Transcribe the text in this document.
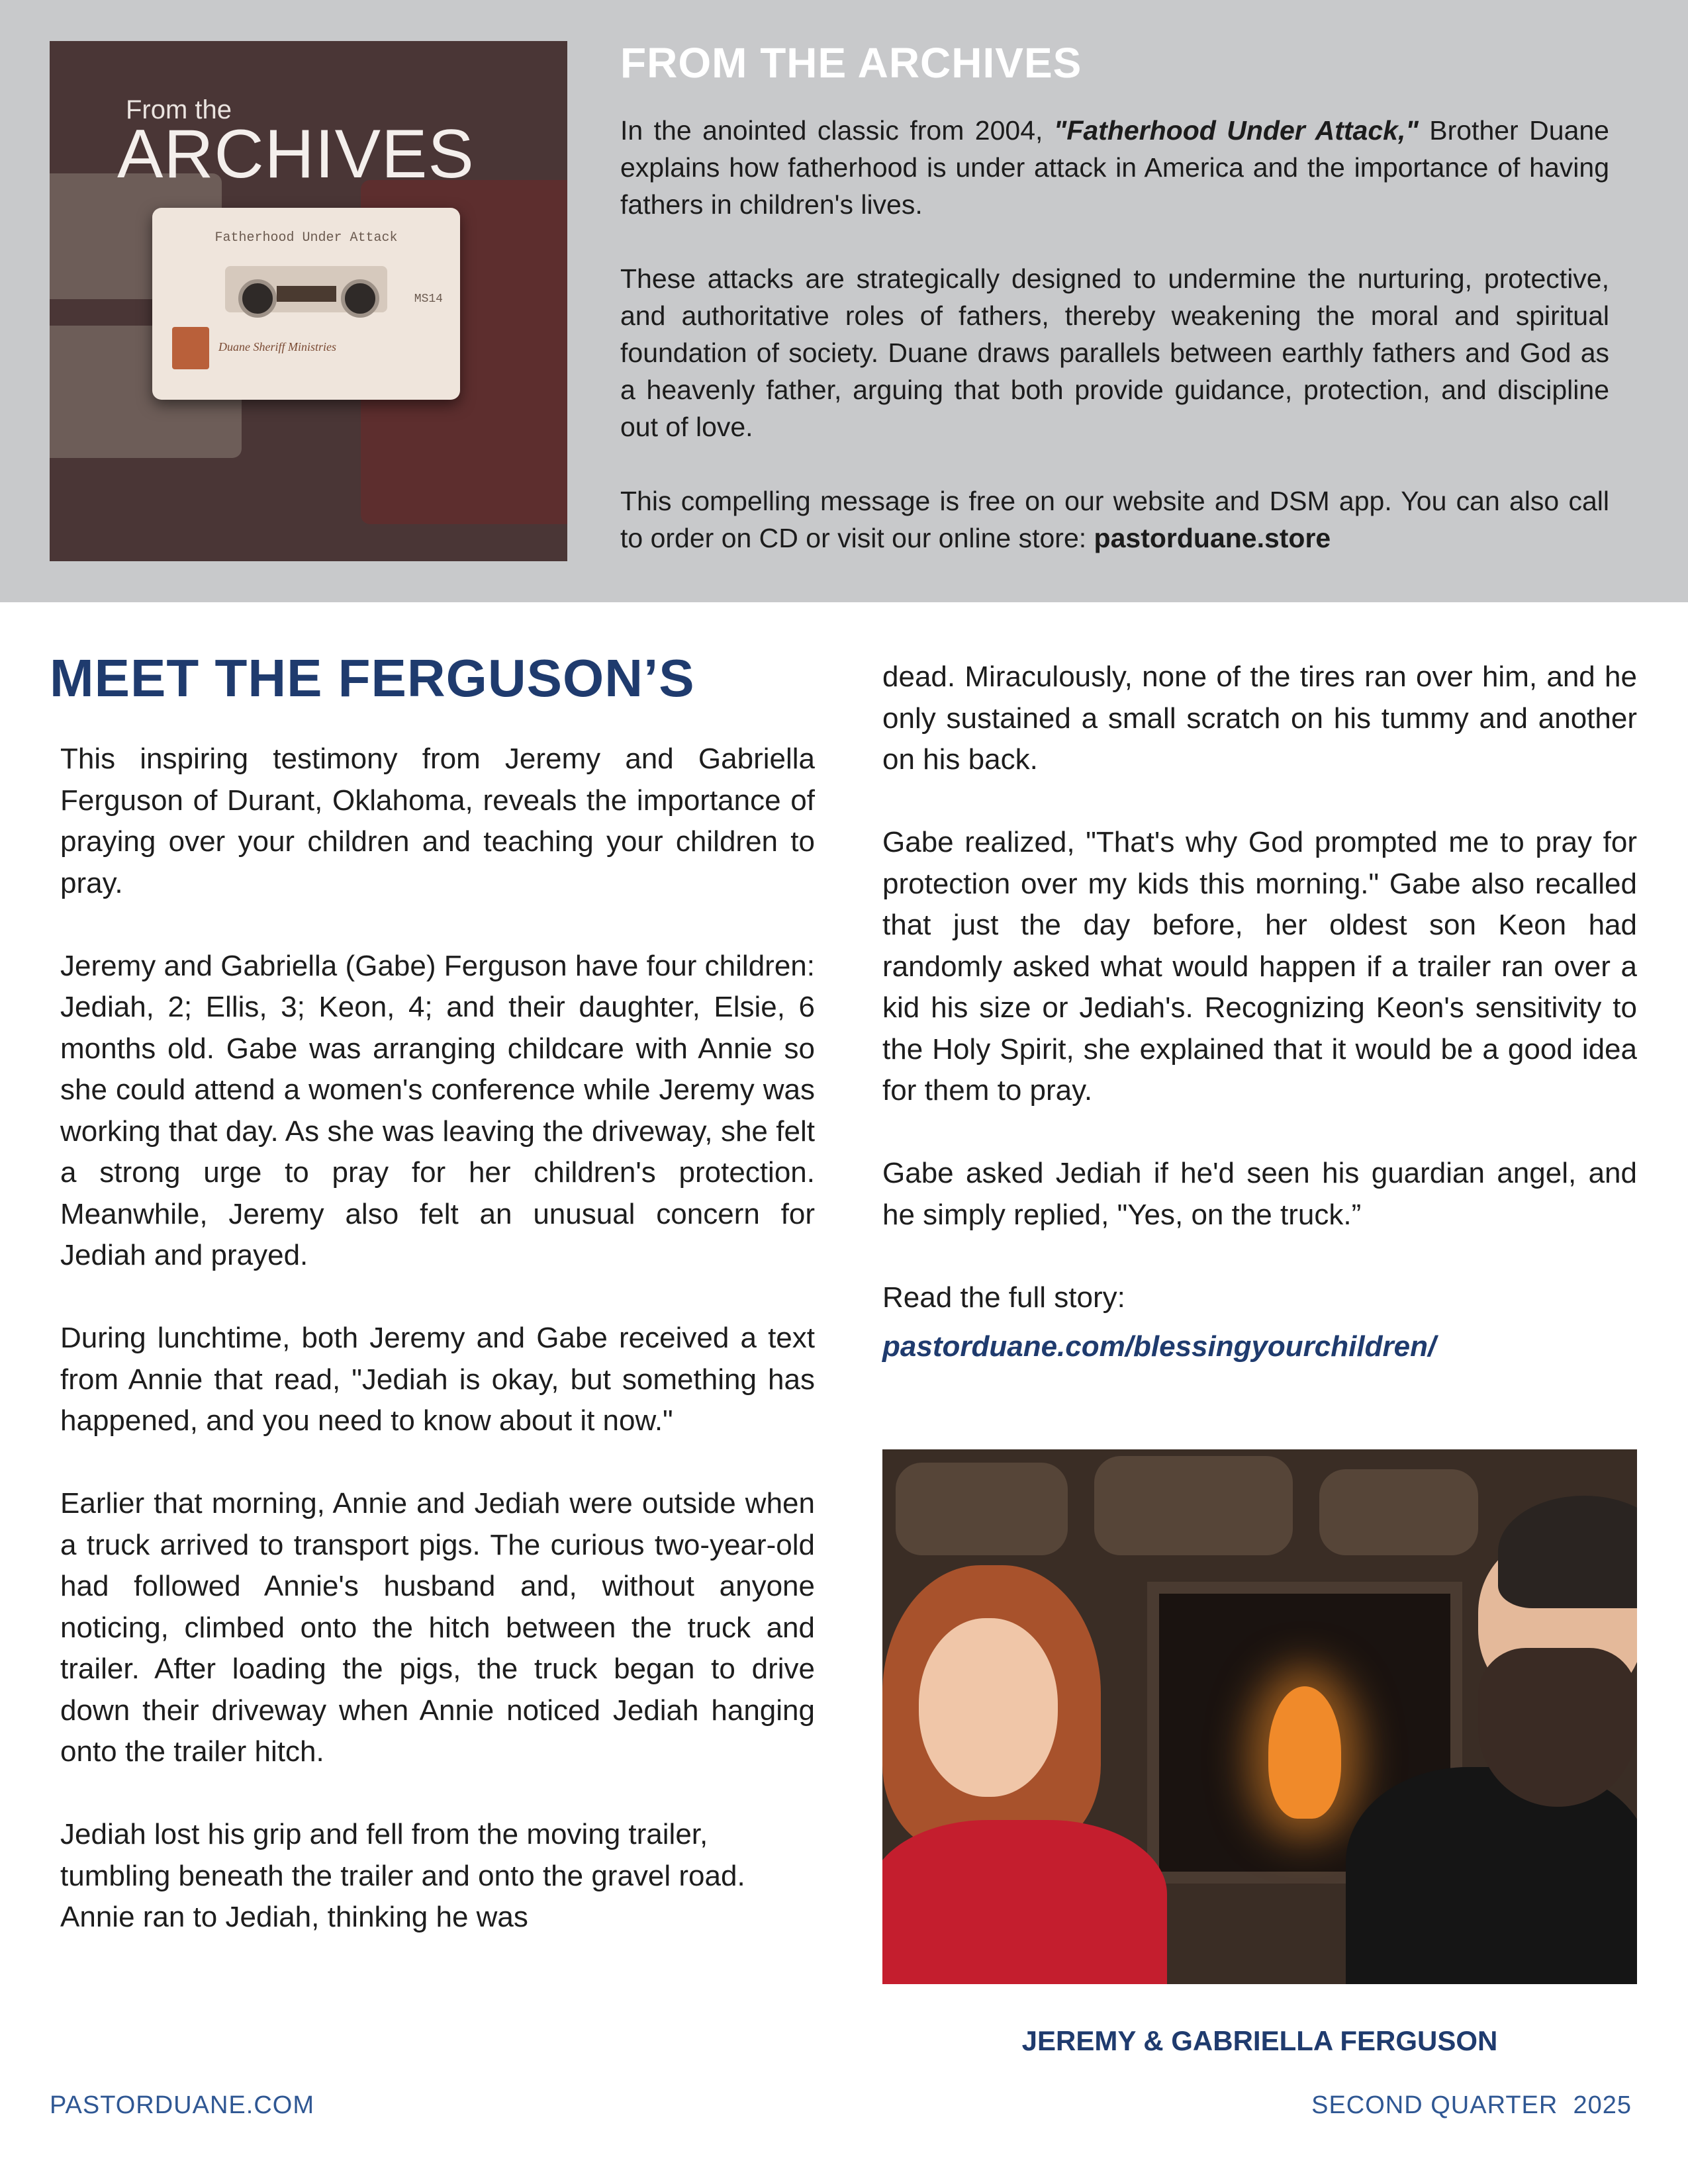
From the
ARCHIVES
Fatherhood Under Attack
MS14
Duane Sheriff Ministries
FROM THE ARCHIVES

In the anointed classic from 2004, "Fatherhood Under Attack," Brother Duane explains how fatherhood is under attack in America and the importance of having fathers in children's lives.

These attacks are strategically designed to undermine the nurturing, protective, and authoritative roles of fathers, thereby weakening the moral and spiritual foundation of society. Duane draws parallels between earthly fathers and God as a heavenly father, arguing that both provide guidance, protection, and discipline out of love.

This compelling message is free on our website and DSM app. You can also call to order on CD or visit our online store: pastorduane.store

MEET THE FERGUSON’S

This inspiring testimony from Jeremy and Gabriella Ferguson of Durant, Oklahoma, reveals the importance of praying over your children and teaching your children to pray.

Jeremy and Gabriella (Gabe) Ferguson have four children: Jediah, 2; Ellis, 3; Keon, 4; and their daughter, Elsie, 6 months old. Gabe was arranging childcare with Annie so she could attend a women's conference while Jeremy was working that day. As she was leaving the driveway, she felt a strong urge to pray for her children's protection. Meanwhile, Jeremy also felt an unusual concern for Jediah and prayed.

During lunchtime, both Jeremy and Gabe received a text from Annie that read, "Jediah is okay, but something has happened, and you need to know about it now."

Earlier that morning, Annie and Jediah were outside when a truck arrived to transport pigs. The curious two-year-old had followed Annie's husband and, without anyone noticing, climbed onto the hitch between the truck and trailer. After loading the pigs, the truck began to drive down their driveway when Annie noticed Jediah hanging onto the trailer hitch.

Jediah lost his grip and fell from the moving trailer, tumbling beneath the trailer and onto the gravel road. Annie ran to Jediah, thinking he was

dead. Miraculously, none of the tires ran over him, and he only sustained a small scratch on his tummy and another on his back.

Gabe realized, "That's why God prompted me to pray for protection over my kids this morning." Gabe also recalled that just the day before, her oldest son Keon had randomly asked what would happen if a trailer ran over a kid his size or Jediah's. Recognizing Keon's sensitivity to the Holy Spirit, she explained that it would be a good idea for them to pray.

Gabe asked Jediah if he'd seen his guardian angel, and he simply replied, "Yes, on the truck.”

Read the full story:
pastorduane.com/blessingyourchildren/

JEREMY & GABRIELLA FERGUSON

PASTORDUANE.COM	SECOND QUARTER  2025
